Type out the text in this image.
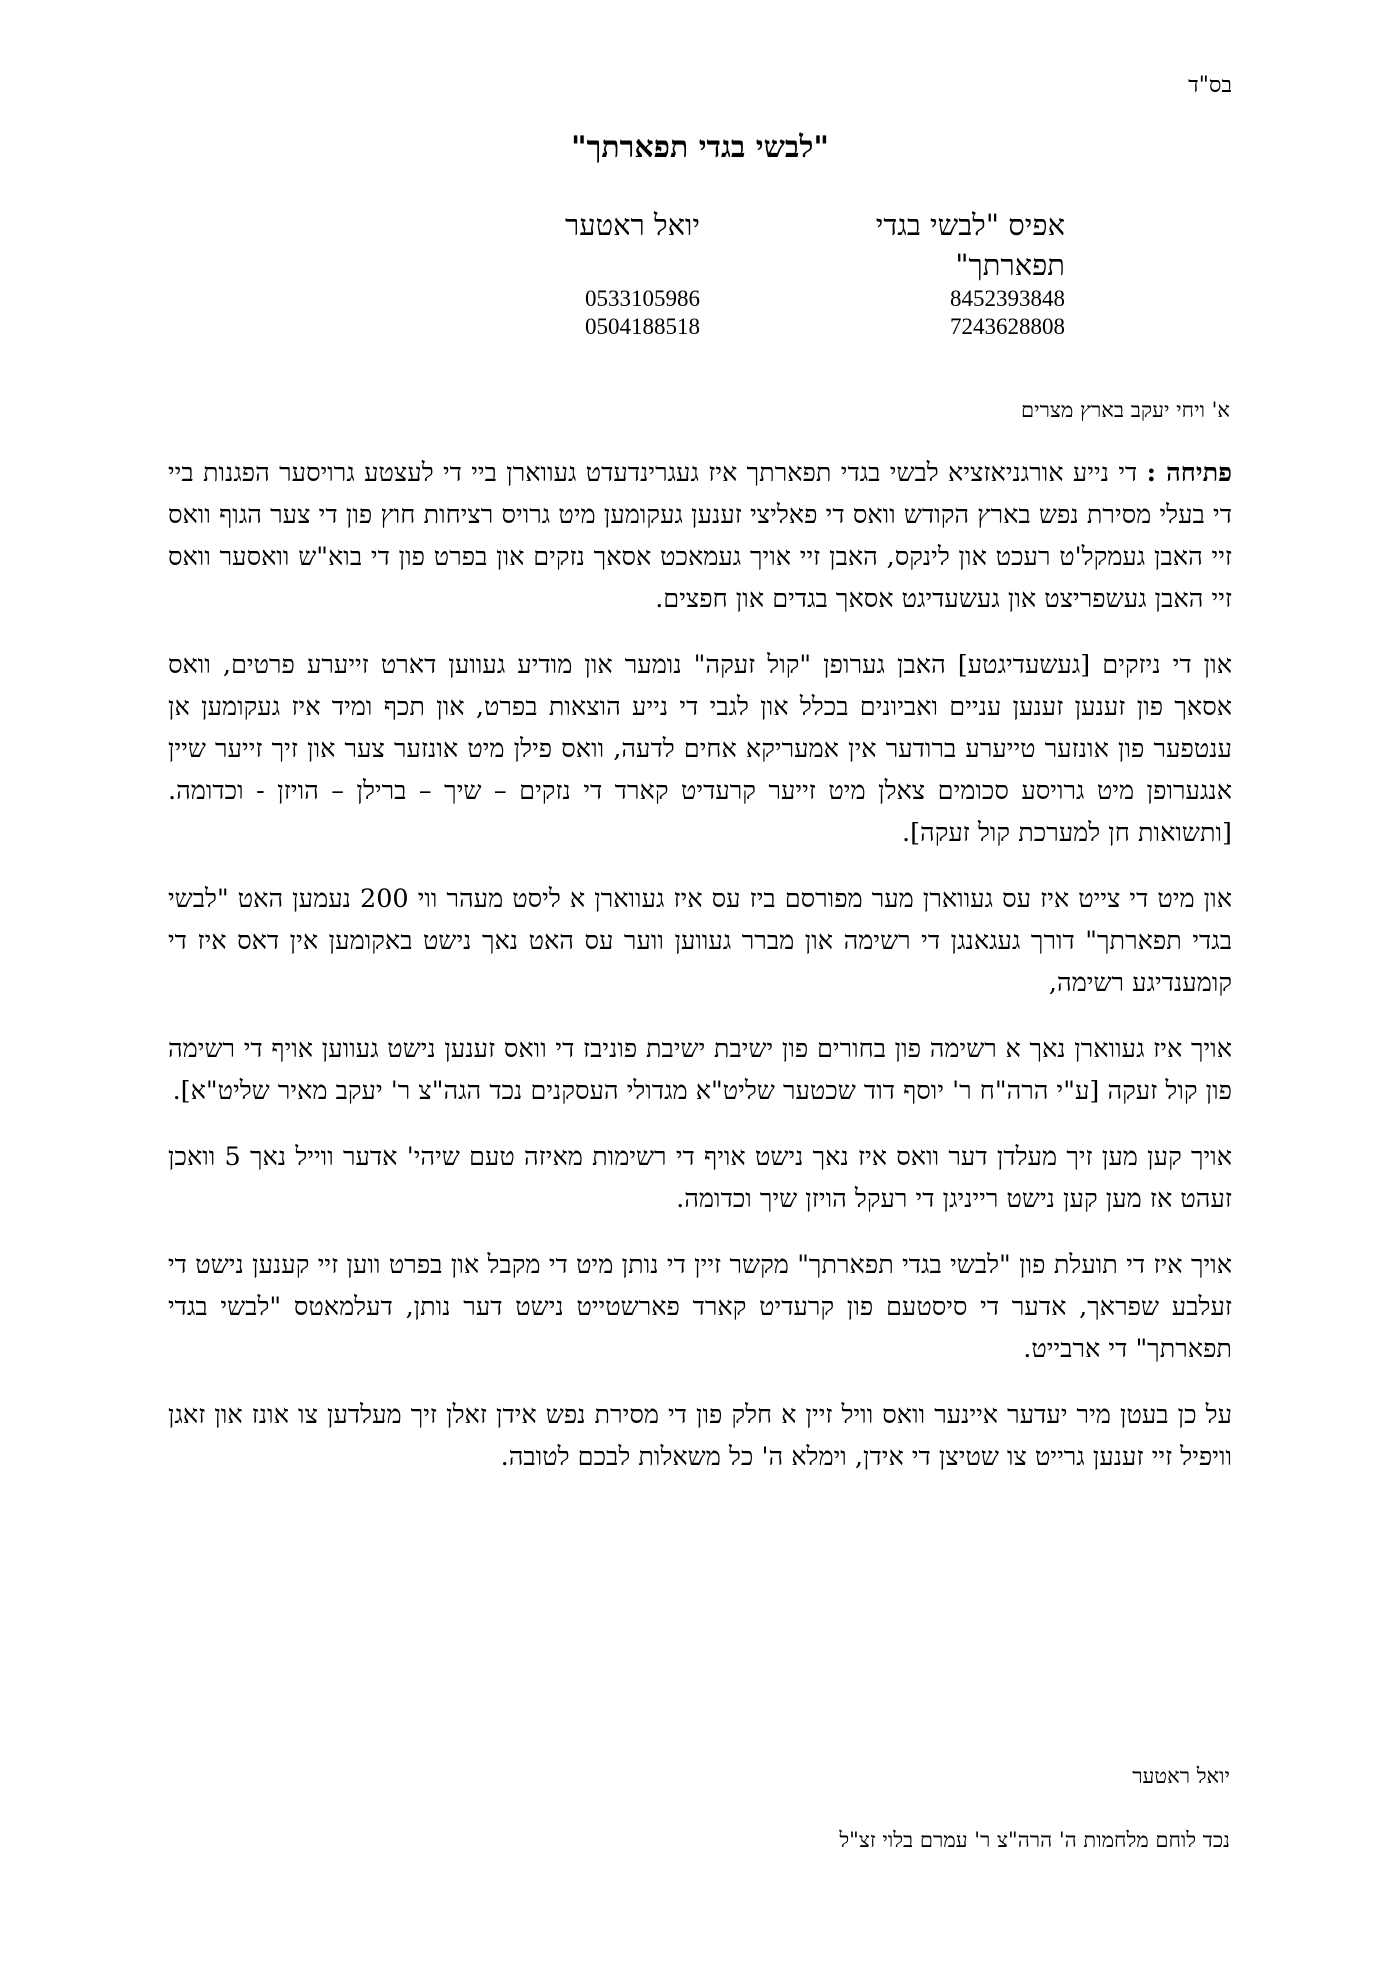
בס"ד
"לבשי בגדי תפארתך"
אפיס "לבשי בגדי תפארתך"
8452393848
7243628808
יואל ראטער
0533105986
0504188518
א' ויחי יעקב בארץ מצרים

פתיחה : די נייע אורגניאזציא לבשי בגדי תפארתך איז געגרינדעדט געווארן ביי די לעצטע גרויסער הפגנות ביי די בעלי מסירת נפש בארץ הקודש וואס די פאליצי זענען געקומען מיט גרויס רציחות חוץ פון די צער הגוף וואס זיי האבן געמקל'ט רעכט און לינקס, האבן זיי אויך געמאכט אסאך נזקים און בפרט פון די בוא"ש וואסער וואס זיי האבן געשפריצט און געשעדיגט אסאך בגדים און חפצים.

און די ניזקים [געשעדיגטע] האבן גערופן "קול זעקה" נומער און מודיע געווען דארט זייערע פרטים, וואס אסאך פון זענען זענען עניים ואביונים בכלל און לגבי די נייע הוצאות בפרט, און תכף ומיד איז געקומען אן ענטפער פון אונזער טייערע ברודער אין אמעריקא אחים לדעה, וואס פילן מיט אונזער צער און זיך זייער שיין אנגערופן מיט גרויסע סכומים צאלן מיט זייער קרעדיט קארד די נזקים – שיך – ברילן – הויזן - וכדומה. [ותשואות חן למערכת קול זעקה].

און מיט די צייט איז עס געווארן מער מפורסם ביז עס איז געווארן א ליסט מעהר ווי 200 נעמען האט "לבשי בגדי תפארתך" דורך געגאנגן די רשימה און מברר געווען ווער עס האט נאך נישט באקומען אין דאס איז די קומענדיגע רשימה,

אויך איז געווארן נאך א רשימה פון בחורים פון ישיבת ישיבת פוניבז די וואס זענען נישט געווען אויף די רשימה פון קול זעקה [ע"י הרה"ח ר' יוסף דוד שכטער שליט"א מגדולי העסקנים נכד הגה"צ ר' יעקב מאיר שליט"א].

אויך קען מען זיך מעלדן דער וואס איז נאך נישט אויף די רשימות מאיזה טעם שיהי' אדער ווייל נאך 5 וואכן זעהט אז מען קען נישט רייניגן די רעקל הויזן שיך וכדומה.

אויך איז די תועלת פון "לבשי בגדי תפארתך" מקשר זיין די נותן מיט די מקבל און בפרט ווען זיי קענען נישט די זעלבע שפראך, אדער די סיסטעם פון קרעדיט קארד פארשטייט נישט דער נותן, דעלמאטס "לבשי בגדי תפארתך" די ארבייט.

על כן בעטן מיר יעדער איינער וואס וויל זיין א חלק פון די מסירת נפש אידן זאלן זיך מעלדען צו אונז און זאגן וויפיל זיי זענען גרייט צו שטיצן די אידן, וימלא ה' כל משאלות לבכם לטובה.

יואל ראטער
נכד לוחם מלחמות ה' הרה"צ ר' עמרם בלוי זצ"ל
